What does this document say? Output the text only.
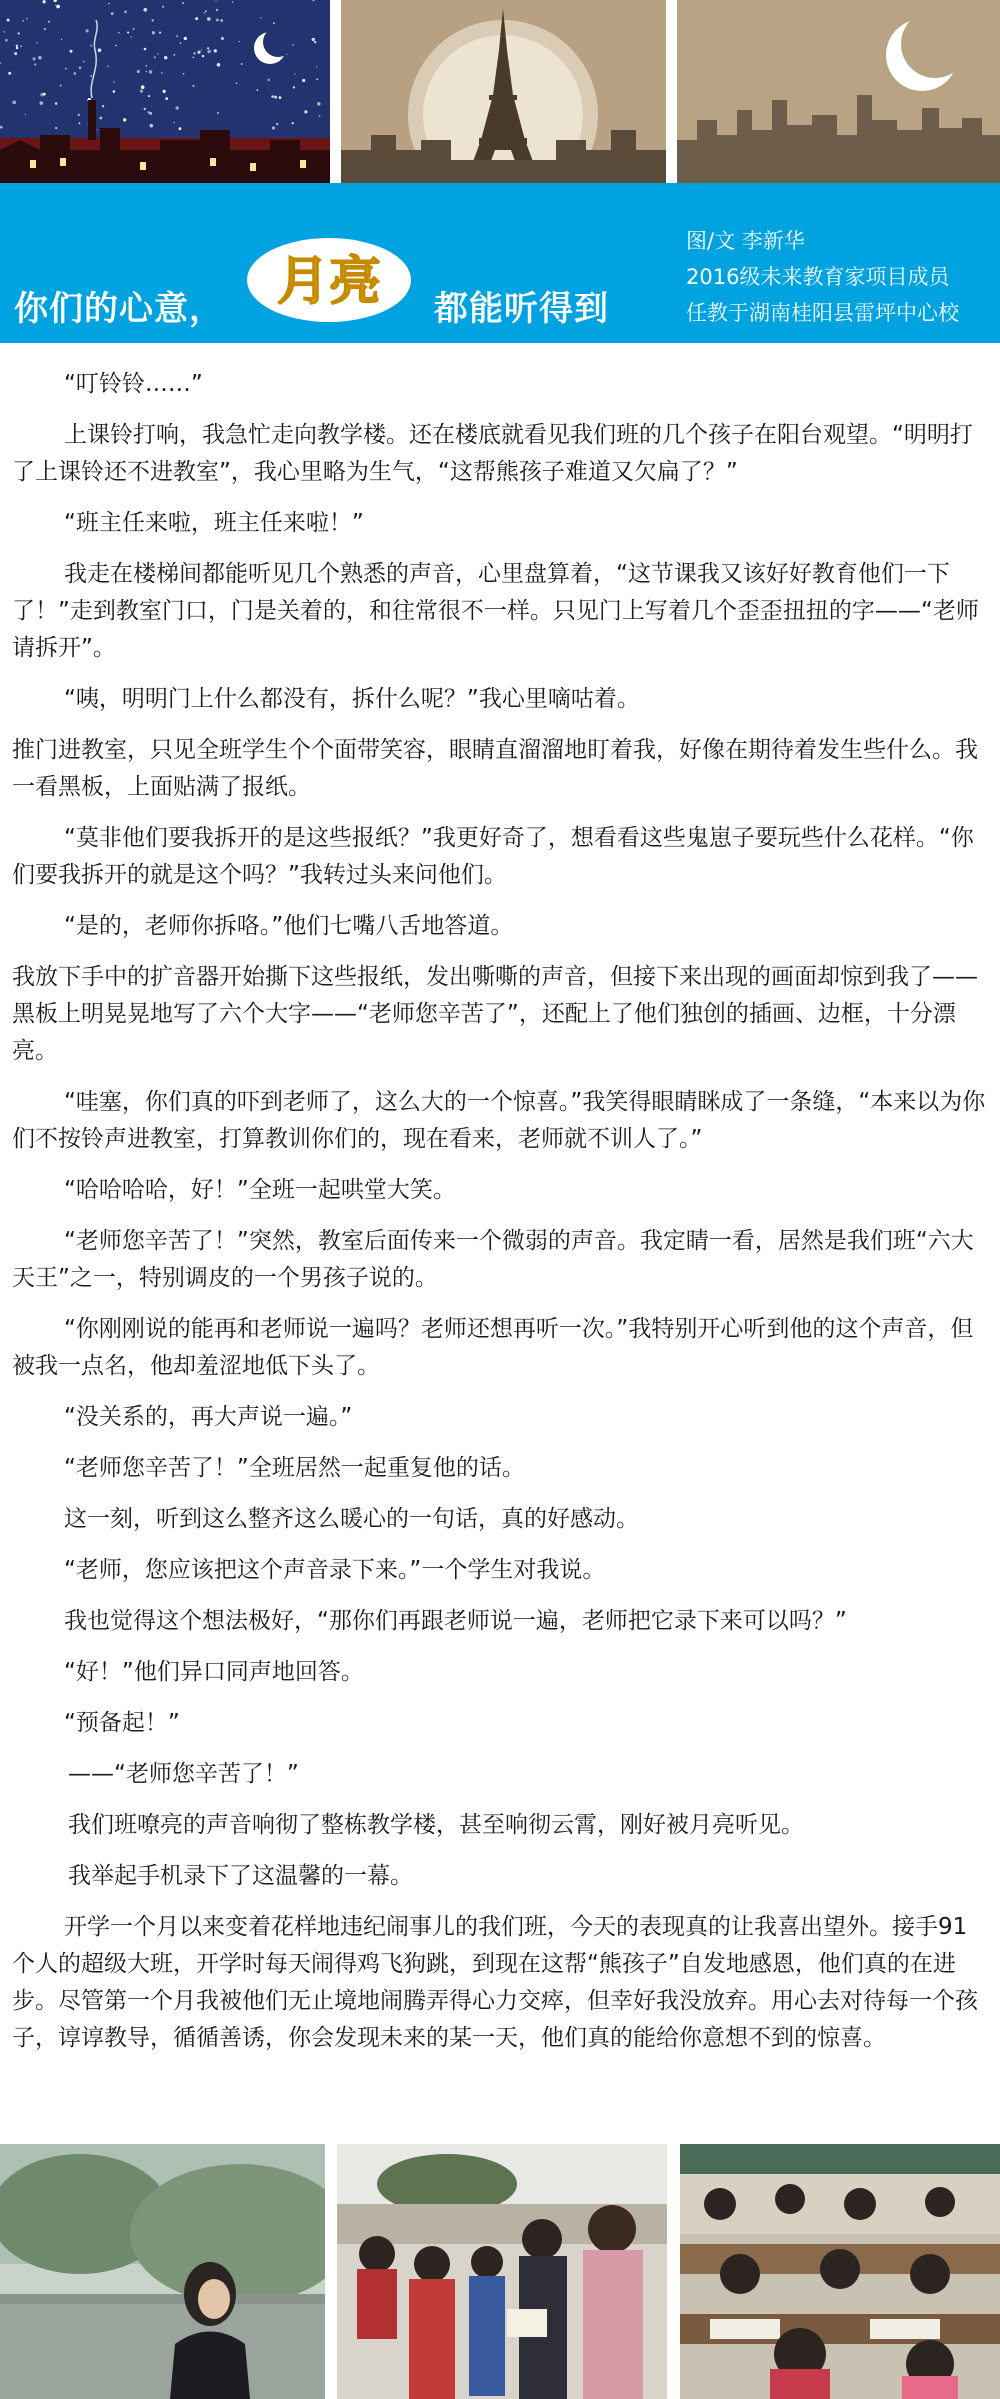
你们的心意， 月亮 都能听得到
图/文 李新华
2016级未来教育家项目成员
任教于湖南桂阳县雷坪中心校

“叮铃铃……”

上课铃打响，我急忙走向教学楼。还在楼底就看见我们班的几个孩子在阳台观望。“明明打了上课铃还不进教室”，我心里略为生气，“这帮熊孩子难道又欠扁了？”

“班主任来啦，班主任来啦！”

我走在楼梯间都能听见几个熟悉的声音，心里盘算着，“这节课我又该好好教育他们一下了！”走到教室门口，门是关着的，和往常很不一样。只见门上写着几个歪歪扭扭的字——“老师请拆开”。

“咦，明明门上什么都没有，拆什么呢？”我心里嘀咕着。

推门进教室，只见全班学生个个面带笑容，眼睛直溜溜地盯着我，好像在期待着发生些什么。我一看黑板，上面贴满了报纸。

“莫非他们要我拆开的是这些报纸？”我更好奇了，想看看这些鬼崽子要玩些什么花样。“你们要我拆开的就是这个吗？”我转过头来问他们。

“是的，老师你拆咯。”他们七嘴八舌地答道。

我放下手中的扩音器开始撕下这些报纸，发出嘶嘶的声音，但接下来出现的画面却惊到我了——黑板上明晃晃地写了六个大字——“老师您辛苦了”，还配上了他们独创的插画、边框，十分漂亮。

“哇塞，你们真的吓到老师了，这么大的一个惊喜。”我笑得眼睛眯成了一条缝，“本来以为你们不按铃声进教室，打算教训你们的，现在看来，老师就不训人了。”

“哈哈哈哈，好！”全班一起哄堂大笑。

“老师您辛苦了！”突然，教室后面传来一个微弱的声音。我定睛一看，居然是我们班“六大天王”之一，特别调皮的一个男孩子说的。

“你刚刚说的能再和老师说一遍吗？老师还想再听一次。”我特别开心听到他的这个声音，但被我一点名，他却羞涩地低下头了。

“没关系的，再大声说一遍。”

“老师您辛苦了！”全班居然一起重复他的话。

这一刻，听到这么整齐这么暖心的一句话，真的好感动。

“老师，您应该把这个声音录下来。”一个学生对我说。

我也觉得这个想法极好，“那你们再跟老师说一遍，老师把它录下来可以吗？”

“好！”他们异口同声地回答。

“预备起！”

——“老师您辛苦了！”

我们班嘹亮的声音响彻了整栋教学楼，甚至响彻云霄，刚好被月亮听见。

我举起手机录下了这温馨的一幕。

开学一个月以来变着花样地违纪闹事儿的我们班，今天的表现真的让我喜出望外。接手91个人的超级大班，开学时每天闹得鸡飞狗跳，到现在这帮“熊孩子”自发地感恩，他们真的在进步。尽管第一个月我被他们无止境地闹腾弄得心力交瘁，但幸好我没放弃。用心去对待每一个孩子，谆谆教导，循循善诱，你会发现未来的某一天，他们真的能给你意想不到的惊喜。
